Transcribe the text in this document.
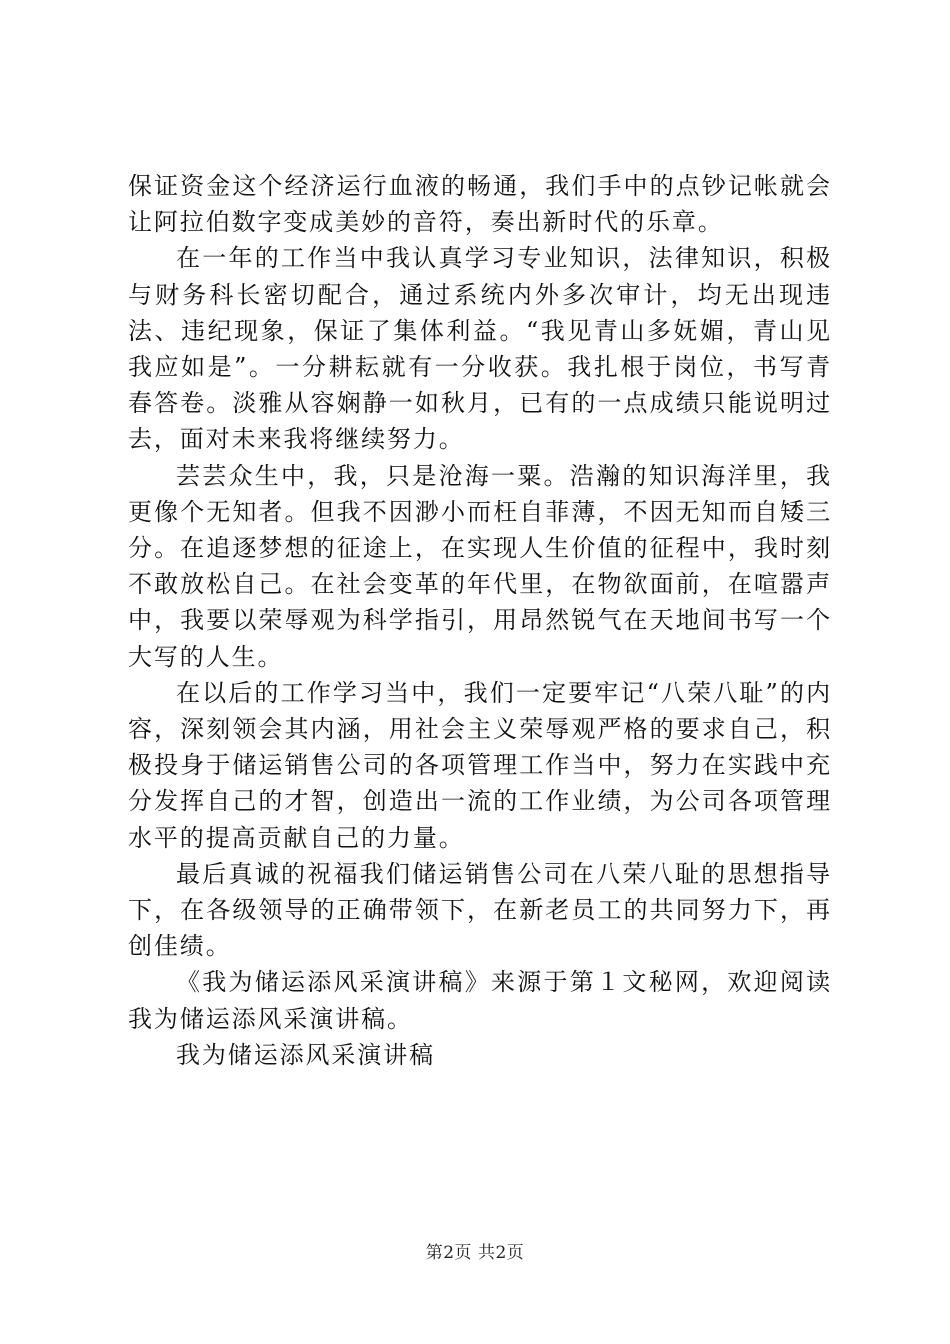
保证资金这个经济运行血液的畅通，我们手中的点钞记帐就会让阿拉伯数字变成美妙的音符，奏出新时代的乐章。

在一年的工作当中我认真学习专业知识，法律知识，积极与财务科长密切配合，通过系统内外多次审计，均无出现违法、违纪现象，保证了集体利益。“我见青山多妩媚，青山见我应如是”。一分耕耘就有一分收获。我扎根于岗位，书写青春答卷。淡雅从容娴静一如秋月，已有的一点成绩只能说明过去，面对未来我将继续努力。

芸芸众生中，我，只是沧海一粟。浩瀚的知识海洋里，我更像个无知者。但我不因渺小而枉自菲薄，不因无知而自矮三分。在追逐梦想的征途上，在实现人生价值的征程中，我时刻不敢放松自己。在社会变革的年代里，在物欲面前，在喧嚣声中，我要以荣辱观为科学指引，用昂然锐气在天地间书写一个大写的人生。

在以后的工作学习当中，我们一定要牢记“八荣八耻”的内容，深刻领会其内涵，用社会主义荣辱观严格的要求自己，积极投身于储运销售公司的各项管理工作当中，努力在实践中充分发挥自己的才智，创造出一流的工作业绩，为公司各项管理水平的提高贡献自己的力量。

最后真诚的祝福我们储运销售公司在八荣八耻的思想指导下，在各级领导的正确带领下，在新老员工的共同努力下，再创佳绩。

《我为储运添风采演讲稿》来源于第１文秘网，欢迎阅读我为储运添风采演讲稿。

我为储运添风采演讲稿

第2页 共2页
